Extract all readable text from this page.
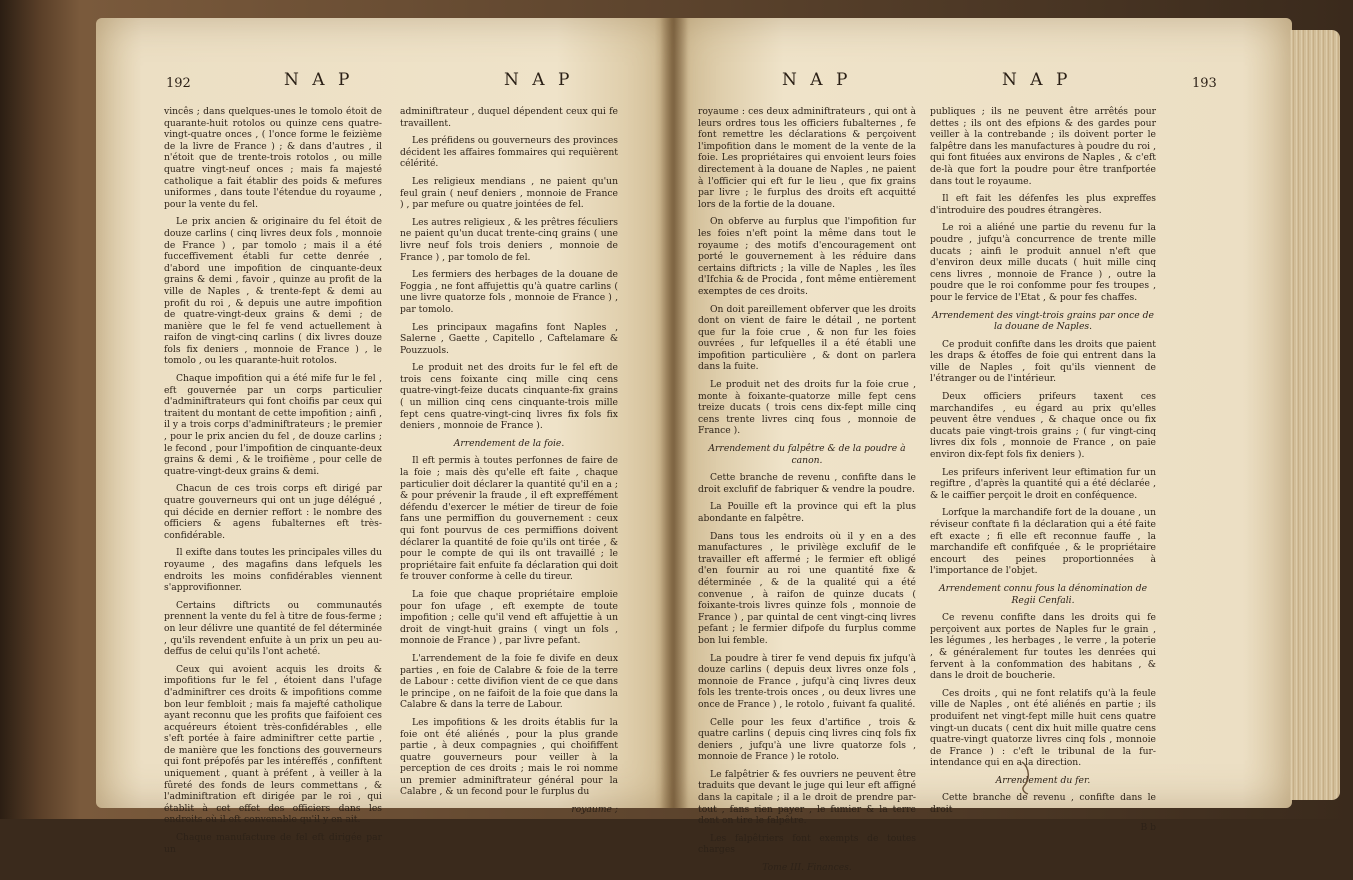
192	N A P	N A P

vincês ; dans quelques-unes le tomolo étoit de quarante-huit rotolos ou quinze cens quatre-vingt-quatre onces , ( l'once forme le feizième de la livre de France ) ; & dans d'autres , il n'étoit que de trente-trois rotolos , ou mille quatre vingt-neuf onces ; mais fa majesté catholique a fait établir des poids & mefures uniformes , dans toute l'étendue du royaume , pour la vente du fel.

Le prix ancien & originaire du fel étoit de douze carlins ( cinq livres deux fols , monnoie de France ) , par tomolo ; mais il a été fucceffivement établi fur cette denrée , d'abord une impofition de cinquante-deux grains & demi , favoir , quinze au profit de la ville de Naples , & trente-fept & demi au profit du roi , & depuis une autre impofition de quatre-vingt-deux grains & demi ; de manière que le fel fe vend actuellement à raifon de vingt-cinq carlins ( dix livres douze fols fix deniers , monnoie de France ) , le tomolo , ou les quarante-huit rotolos.

Chaque impofition qui a été mife fur le fel , eft gouvernée par un corps particulier d'adminiftrateurs qui font choifis par ceux qui traitent du montant de cette impofition ; ainfi , il y a trois corps d'adminiftrateurs ; le premier , pour le prix ancien du fel , de douze carlins ; le fecond , pour l'impofition de cinquante-deux grains & demi , & le troifième , pour celle de quatre-vingt-deux grains & demi.

Chacun de ces trois corps eft dirigé par quatre gouverneurs qui ont un juge délégué , qui décide en dernier reffort : le nombre des officiers & agens fubalternes eft très-confidérable.

Il exifte dans toutes les principales villes du royaume , des magafins dans lefquels les endroits les moins confidérables viennent s'approvifionner.

Certains diftricts ou communautés prennent la vente du fel à titre de fous-ferme ; on leur délivre une quantité de fel déterminée , qu'ils revendent enfuite à un prix un peu au-deffus de celui qu'ils l'ont acheté.

Ceux qui avoient acquis les droits & impofitions fur le fel , étoient dans l'ufage d'adminiftrer ces droits & impofitions comme bon leur fembloit ; mais fa majefté catholique ayant reconnu que les profits que faifoient ces acquéreurs étoient très-confidérables , elle s'eft portée à faire adminiftrer cette partie , de manière que les fonctions des gouverneurs qui font prépofés par les intéreffés , confiftent uniquement , quant à préfent , à veiller à la fûreté des fonds de leurs commettans , & l'adminiftration eft dirigée par le roi , qui établit à cet effet des officiers dans les endroits où il eft convenable qu'il y en ait.

Chaque manufacture de fel eft dirigée par un

adminiftrateur , duquel dépendent ceux qui fe travaillent.

Les préfidens ou gouverneurs des provinces décident les affaires fommaires qui requièrent célérité.

Les religieux mendians , ne paient qu'un feul grain ( neuf deniers , monnoie de France ) , par mefure ou quatre jointées de fel.

Les autres religieux , & les prêtres féculiers ne paient qu'un ducat trente-cinq grains ( une livre neuf fols trois deniers , monnoie de France ) , par tomolo de fel.

Les fermiers des herbages de la douane de Foggia , ne font affujettis qu'à quatre carlins ( une livre quatorze fols , monnoie de France ) , par tomolo.

Les principaux magafins font Naples , Salerne , Gaette , Capitello , Caftelamare & Pouzzuols.

Le produit net des droits fur le fel eft de trois cens foixante cinq mille cinq cens quatre-vingt-feize ducats cinquante-fix grains ( un million cinq cens cinquante-trois mille fept cens quatre-vingt-cinq livres fix fols fix deniers , monnoie de France ).

Arrendement de la foie.

Il eft permis à toutes perfonnes de faire de la foie ; mais dès qu'elle eft faite , chaque particulier doit déclarer la quantité qu'il en a ; & pour prévenir la fraude , il eft expreffément défendu d'exercer le métier de tireur de foie fans une permiffion du gouvernement : ceux qui font pourvus de ces permiffions doivent déclarer la quantité de foie qu'ils ont tirée , & pour le compte de qui ils ont travaillé ; le propriétaire fait enfuite fa déclaration qui doit fe trouver conforme à celle du tireur.

La foie que chaque propriétaire emploie pour fon ufage , eft exempte de toute impofition ; celle qu'il vend eft affujettie à un droit de vingt-huit grains ( vingt un fols , monnoie de France ) , par livre pefant.

L'arrendement de la foie fe divife en deux parties , en foie de Calabre & foie de la terre de Labour : cette divifion vient de ce que dans le principe , on ne faifoit de la foie que dans la Calabre & dans la terre de Labour.

Les impofitions & les droits établis fur la foie ont été aliénés , pour la plus grande partie , à deux compagnies , qui choififfent quatre gouverneurs pour veiller à la perception de ces droits ; mais le roi nomme un premier adminiftrateur général pour la Calabre , & un fecond pour le furplus du

royaume ;

N A P	N A P	193

royaume : ces deux adminiftrateurs , qui ont à leurs ordres tous les officiers fubalternes , fe font remettre les déclarations & perçoivent l'impofition dans le moment de la vente de la foie. Les propriétaires qui envoient leurs foies directement à la douane de Naples , ne paient à l'officier qui eft fur le lieu , que fix grains par livre ; le furplus des droits eft acquitté lors de la fortie de la douane.

On obferve au furplus que l'impofition fur les foies n'eft point la même dans tout le royaume ; des motifs d'encouragement ont porté le gouvernement à les réduire dans certains diftricts ; la ville de Naples , les îles d'Ifchia & de Procida , font même entièrement exemptes de ces droits.

On doit pareillement obferver que les droits dont on vient de faire le détail , ne portent que fur la foie crue , & non fur les foies ouvrées , fur lefquelles il a été établi une impofition particulière , & dont on parlera dans la fuite.

Le produit net des droits fur la foie crue , monte à foixante-quatorze mille fept cens treize ducats ( trois cens dix-fept mille cinq cens trente livres cinq fous , monnoie de France ).

Arrendement du falpêtre & de la poudre à canon.

Cette branche de revenu , confifte dans le droit exclufif de fabriquer & vendre la poudre.

La Pouille eft la province qui eft la plus abondante en falpêtre.

Dans tous les endroits où il y en a des manufactures , le privilège exclufif de le travailler eft affermé ; le fermier eft obligé d'en fournir au roi une quantité fixe & déterminée , & de la qualité qui a été convenue , à raifon de quinze ducats ( foixante-trois livres quinze fols , monnoie de France ) , par quintal de cent vingt-cinq livres pefant ; le fermier difpofe du furplus comme bon lui femble.

La poudre à tirer fe vend depuis fix jufqu'à douze carlins ( depuis deux livres onze fols , monnoie de France , jufqu'à cinq livres deux fols les trente-trois onces , ou deux livres une once de France ) , le rotolo , fuivant fa qualité.

Celle pour les feux d'artifice , trois & quatre carlins ( depuis cinq livres cinq fols fix deniers , jufqu'à une livre quatorze fols , monnoie de France ) le rotolo.

Le falpêtrier & fes ouvriers ne peuvent être traduits que devant le juge qui leur eft affigné dans la capitale ; il a le droit de prendre par-tout , fans rien payer , le fumier & la terre dont on tire le falpêtre.

Les falpêtriers font exempts de toutes charges

Tome III. Finances.

publiques ; ils ne peuvent être arrêtés pour dettes ; ils ont des efpions & des gardes pour veiller à la contrebande ; ils doivent porter le falpêtre dans les manufactures à poudre du roi , qui font fituées aux environs de Naples , & c'eft de-là que fort la poudre pour être tranfportée dans tout le royaume.

Il eft fait les défenfes les plus expreffes d'introduire des poudres étrangères.

Le roi a aliéné une partie du revenu fur la poudre , jufqu'à concurrence de trente mille ducats ; ainfi le produit annuel n'eft que d'environ deux mille ducats ( huit mille cinq cens livres , monnoie de France ) , outre la poudre que le roi confomme pour fes troupes , pour le fervice de l'Etat , & pour fes chaffes.

Arrendement des vingt-trois grains par once de la douane de Naples.

Ce produit confifte dans les droits que paient les draps & étoffes de foie qui entrent dans la ville de Naples , foit qu'ils viennent de l'étranger ou de l'intérieur.

Deux officiers prifeurs taxent ces marchandifes , eu égard au prix qu'elles peuvent être vendues , & chaque once ou fix ducats paie vingt-trois grains ; ( fur vingt-cinq livres dix fols , monnoie de France , on paie environ dix-fept fols fix deniers ).

Les prifeurs inferivent leur eftimation fur un regiftre , d'après la quantité qui a été déclarée , & le caiffier perçoit le droit en conféquence.

Lorfque la marchandife fort de la douane , un réviseur conftate fi la déclaration qui a été faite eft exacte ; fi elle eft reconnue fauffe , la marchandife eft confifquée , & le propriétaire encourt des peines proportionnées à l'importance de l'objet.

Arrendement connu fous la dénomination de Regii Cenfali.

Ce revenu confifte dans les droits qui fe perçoivent aux portes de Naples fur le grain , les légumes , les herbages , le verre , la poterie , & généralement fur toutes les denrées qui fervent à la confommation des habitans , & dans le droit de boucherie.

Ces droits , qui ne font relatifs qu'à la feule ville de Naples , ont été aliénés en partie ; ils produifent net vingt-fept mille huit cens quatre vingt-un ducats ( cent dix huit mille quatre cens quatre-vingt quatorze livres cinq fols , monnoie de France ) : c'eft le tribunal de la fur-intendance qui en a la direction.

Arrendement du fer.

Cette branche de revenu , confifte dans le droit

B b
